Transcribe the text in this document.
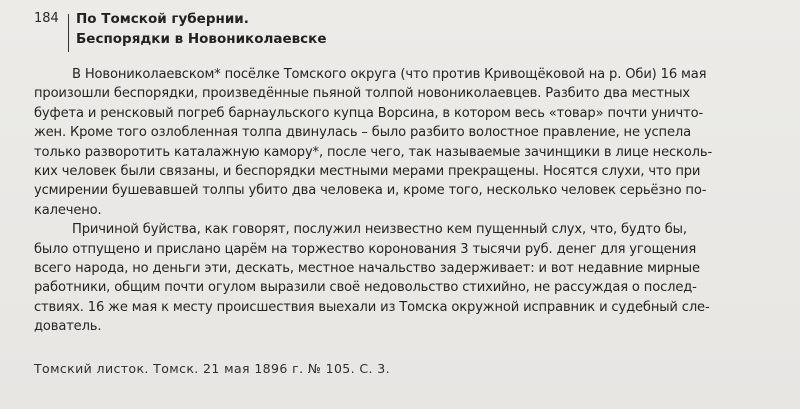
184 По Томской губернии.
Беспорядки в Новониколаевске
В Новониколаевском* посёлке Томского округа (что против Кривощёковой на р. Оби) 16 мая
произошли беспорядки, произведённые пьяной толпой новониколаевцев. Разбито два местных
буфета и ренсковый погреб барнаульского купца Ворсина, в котором весь «товар» почти уничто-
жен. Кроме того озлобленная толпа двинулась – было разбито волостное правление, не успела
только разворотить каталажную камору*, после чего, так называемые зачинщики в лице несколь-
ких человек были связаны, и беспорядки местными мерами прекращены. Носятся слухи, что при
усмирении бушевавшей толпы убито два человека и, кроме того, несколько человек серьёзно по-
калечено.
Причиной буйства, как говорят, послужил неизвестно кем пущенный слух, что, будто бы,
было отпущено и прислано царём на торжество коронования 3 тысячи руб. денег для угощения
всего народа, но деньги эти, дескать, местное начальство задерживает: и вот недавние мирные
работники, общим почти огулом выразили своё недовольство стихийно, не рассуждая о послед-
ствиях. 16 же мая к месту происшествия выехали из Томска окружной исправник и судебный сле-
дователь.
Томский листок. Томск. 21 мая 1896 г. № 105. С. 3.
